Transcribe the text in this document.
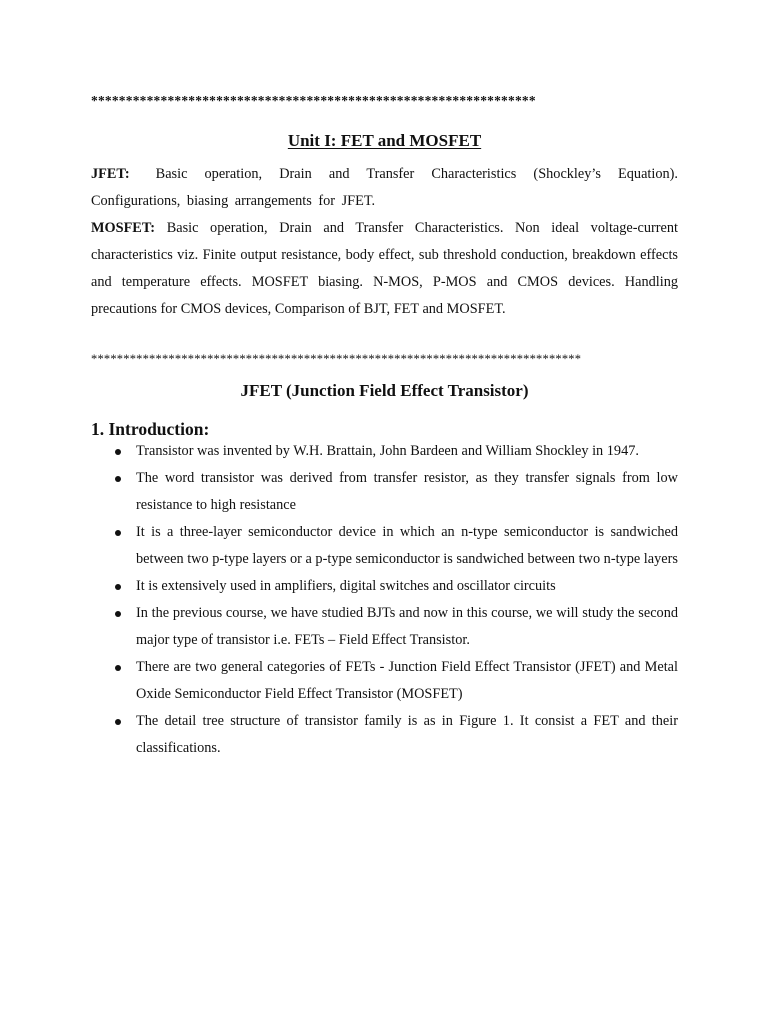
****************************************************************
Unit I: FET and MOSFET
JFET: Basic operation, Drain and Transfer Characteristics (Shockley’s Equation). Configurations, biasing arrangements for JFET.
MOSFET: Basic operation, Drain and Transfer Characteristics. Non ideal voltage-current characteristics viz. Finite output resistance, body effect, sub threshold conduction, breakdown effects and temperature effects. MOSFET biasing. N-MOS, P-MOS and CMOS devices. Handling precautions for CMOS devices, Comparison of BJT, FET and MOSFET.
****************************************************************************
JFET (Junction Field Effect Transistor)
1. Introduction:
Transistor was invented by W.H. Brattain, John Bardeen and William Shockley in 1947.
The word transistor was derived from transfer resistor, as they transfer signals from low resistance to high resistance
It is a three-layer semiconductor device in which an n-type semiconductor is sandwiched between two p-type layers or a p-type semiconductor is sandwiched between two n-type layers
It is extensively used in amplifiers, digital switches and oscillator circuits
In the previous course, we have studied BJTs and now in this course, we will study the second major type of transistor i.e. FETs – Field Effect Transistor.
There are two general categories of FETs - Junction Field Effect Transistor (JFET) and Metal Oxide Semiconductor Field Effect Transistor (MOSFET)
The detail tree structure of transistor family is as in Figure 1. It consist a FET and their classifications.
